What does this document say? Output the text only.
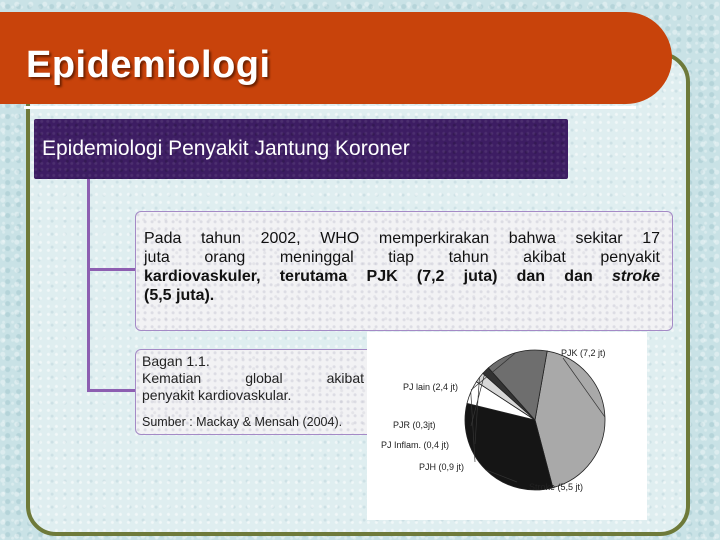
Epidemiologi
Epidemiologi Penyakit Jantung Koroner
Pada tahun 2002, WHO memperkirakan bahwa sekitar 17
juta orang meninggal tiap tahun akibat penyakit
kardiovaskuler, terutama PJK (7,2 juta) dan dan stroke
(5,5 juta).
Bagan 1.1.
Kematian global akibat
penyakit kardiovaskular.
Sumber : Mackay & Mensah (2004).
PJK (7,2 jt)
Stroke (5,5 jt)
PJH (0,9 jt)
PJ Inflam. (0,4 jt)
PJR (0,3jt)
PJ lain (2,4 jt)
